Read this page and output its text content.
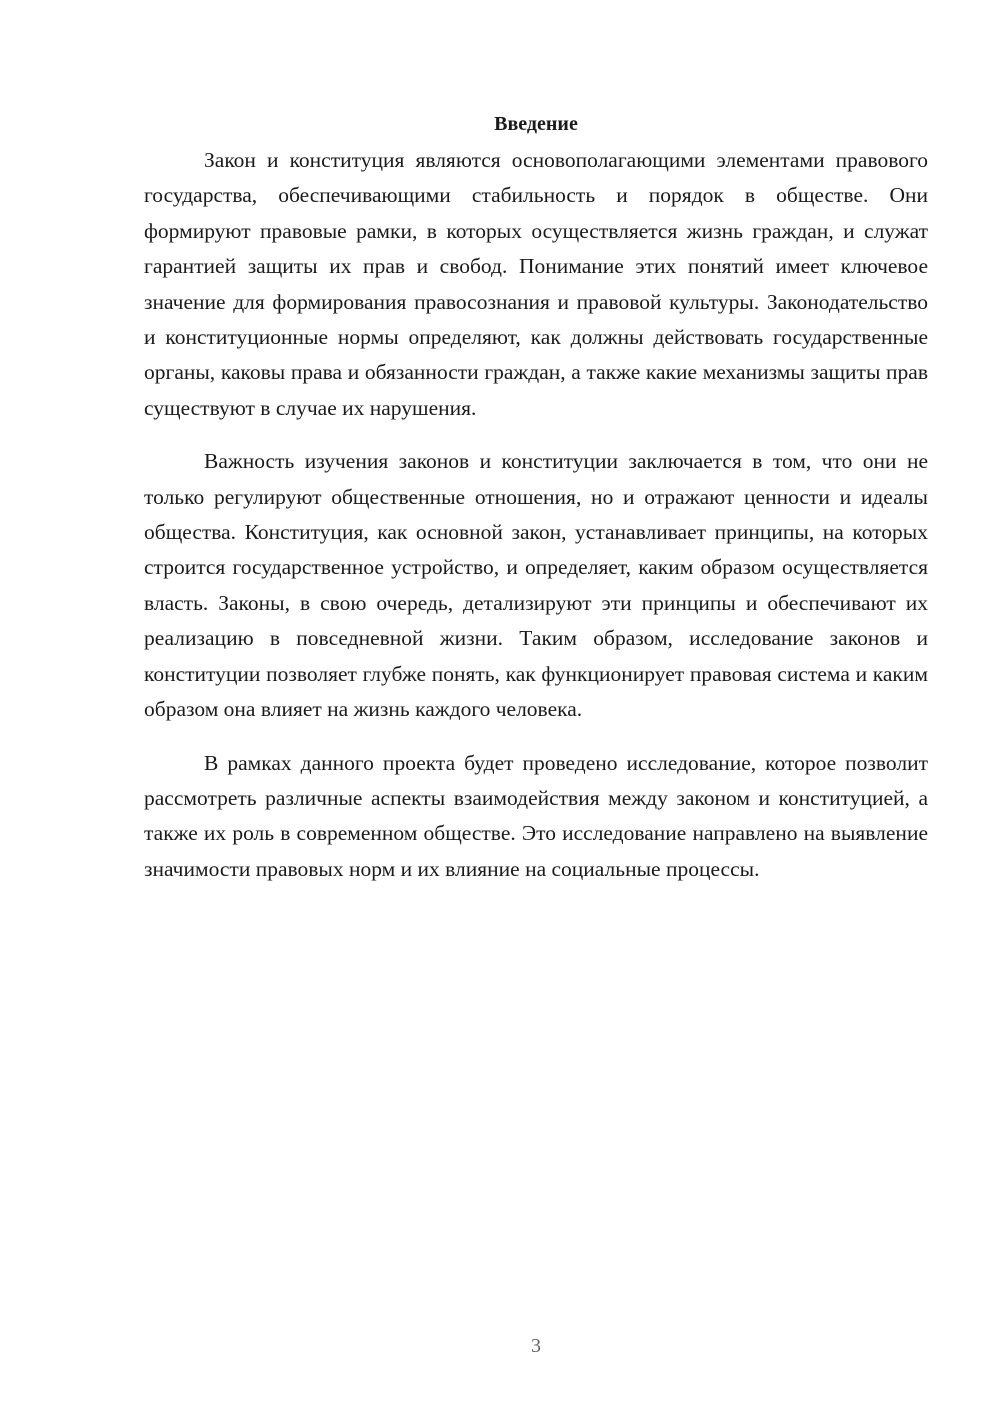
Введение

Закон и конституция являются основополагающими элементами правового государства, обеспечивающими стабильность и порядок в обществе. Они формируют правовые рамки, в которых осуществляется жизнь граждан, и служат гарантией защиты их прав и свобод. Понимание этих понятий имеет ключевое значение для формирования правосознания и правовой культуры. Законодательство и конституционные нормы определяют, как должны действовать государственные органы, каковы права и обязанности граждан, а также какие механизмы защиты прав существуют в случае их нарушения.

Важность изучения законов и конституции заключается в том, что они не только регулируют общественные отношения, но и отражают ценности и идеалы общества. Конституция, как основной закон, устанавливает принципы, на которых строится государственное устройство, и определяет, каким образом осуществляется власть. Законы, в свою очередь, детализируют эти принципы и обеспечивают их реализацию в повседневной жизни. Таким образом, исследование законов и конституции позволяет глубже понять, как функционирует правовая система и каким образом она влияет на жизнь каждого человека.

В рамках данного проекта будет проведено исследование, которое позволит рассмотреть различные аспекты взаимодействия между законом и конституцией, а также их роль в современном обществе. Это исследование направлено на выявление значимости правовых норм и их влияние на социальные процессы.

3
